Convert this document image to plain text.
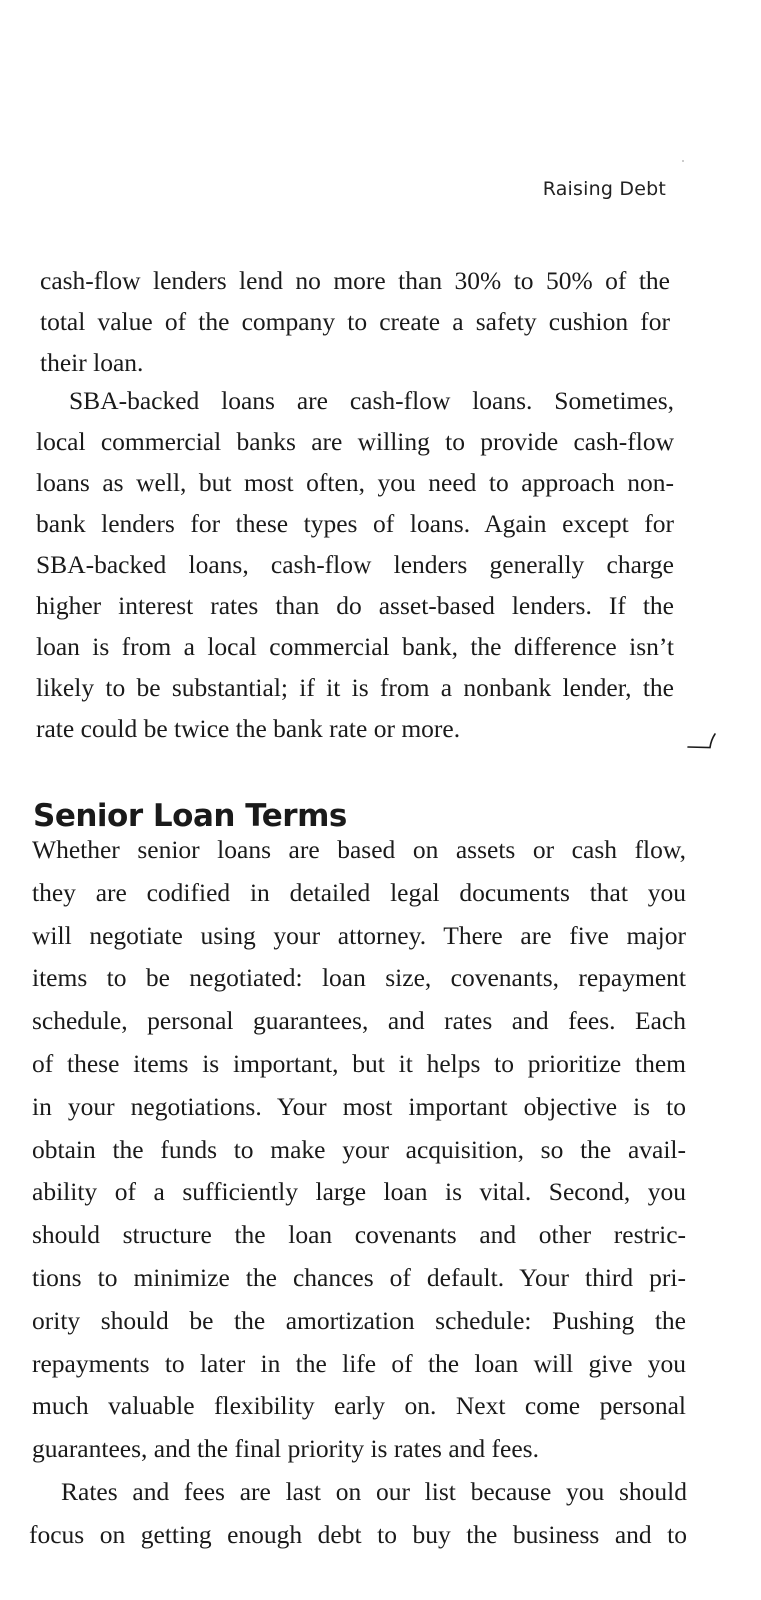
Raising Debt

cash-flow lenders lend no more than 30% to 50% of the
total value of the company to create a safety cushion for
their loan.

SBA-backed loans are cash-flow loans. Sometimes,
local commercial banks are willing to provide cash-flow
loans as well, but most often, you need to approach non-
bank lenders for these types of loans. Again except for
SBA-backed loans, cash-flow lenders generally charge
higher interest rates than do asset-based lenders. If the
loan is from a local commercial bank, the difference isn’t
likely to be substantial; if it is from a nonbank lender, the
rate could be twice the bank rate or more.

Senior Loan Terms

Whether senior loans are based on assets or cash flow,
they are codified in detailed legal documents that you
will negotiate using your attorney. There are five major
items to be negotiated: loan size, covenants, repayment
schedule, personal guarantees, and rates and fees. Each
of these items is important, but it helps to prioritize them
in your negotiations. Your most important objective is to
obtain the funds to make your acquisition, so the avail-
ability of a sufficiently large loan is vital. Second, you
should structure the loan covenants and other restric-
tions to minimize the chances of default. Your third pri-
ority should be the amortization schedule: Pushing the
repayments to later in the life of the loan will give you
much valuable flexibility early on. Next come personal
guarantees, and the final priority is rates and fees.

Rates and fees are last on our list because you should
focus on getting enough debt to buy the business and to
